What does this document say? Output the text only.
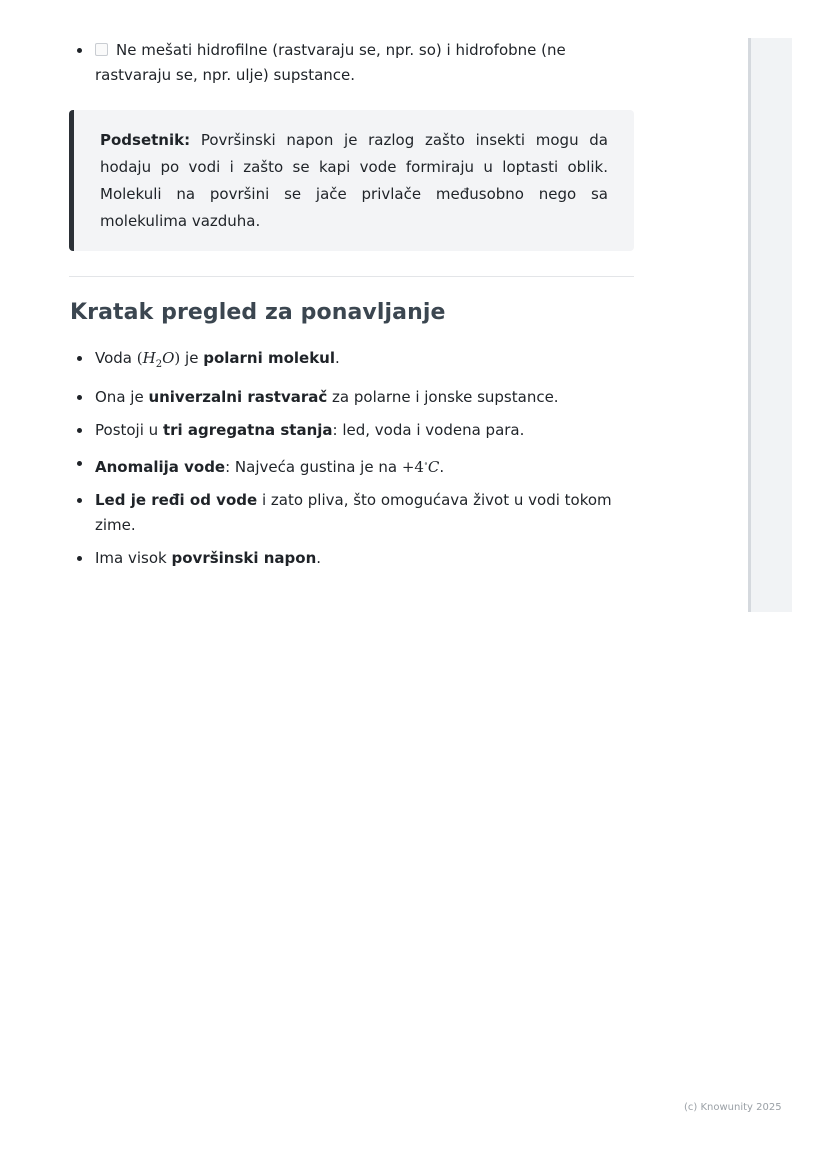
Ne mešati hidrofilne (rastvaraju se, npr. so) i hidrofobne (ne
rastvaraju se, npr. ulje) supstance.
Podsetnik: Površinski napon je razlog zašto insekti mogu da hodaju po vodi i zašto se kapi vode formiraju u loptasti oblik. Molekuli na površini se jače privlače međusobno nego sa molekulima vazduha.
Kratak pregled za ponavljanje
Voda $(H_2O)$ je polarni molekul.
Ona je univerzalni rastvarač za polarne i jonske supstance.
Postoji u tri agregatna stanja: led, voda i vodena para.
Anomalija vode: Najveća gustina je na +4∘C.
Led je ređi od vode i zato pliva, što omogućava život u vodi tokom zime.
Ima visok površinski napon.
(c) Knowunity 2025
